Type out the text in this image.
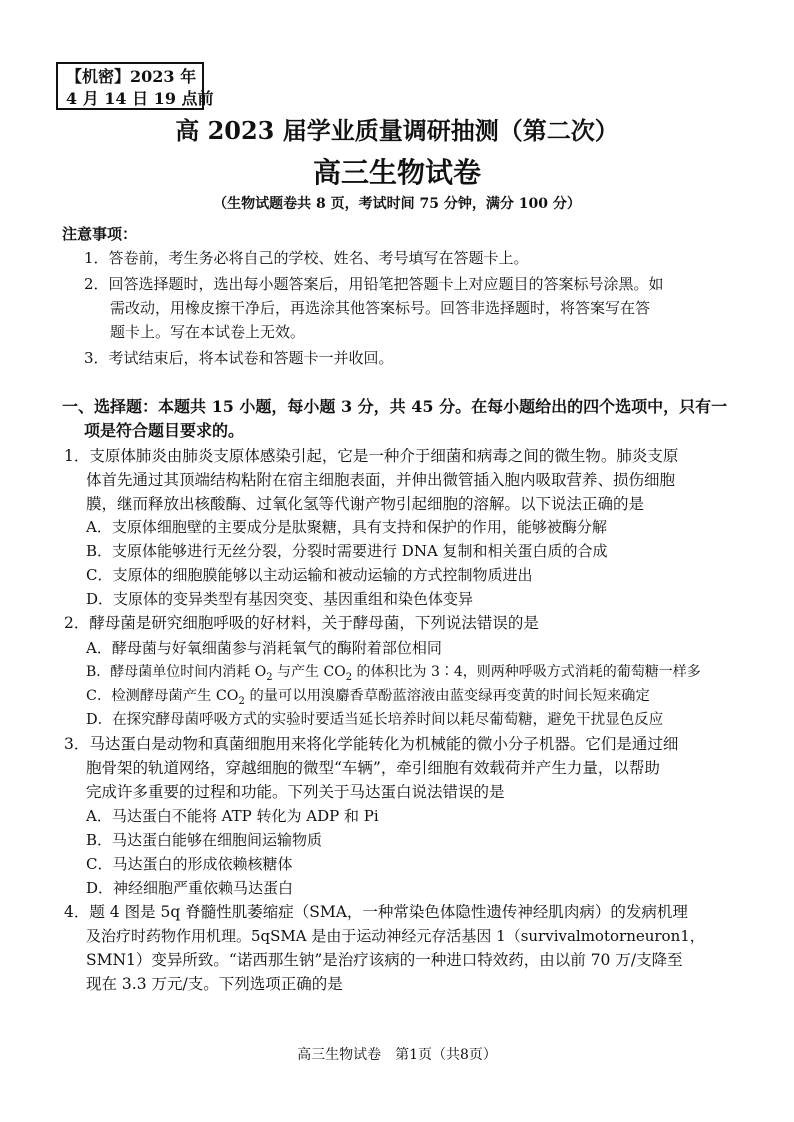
【机密】2023 年
4 月 14 日 19 点前
高 2023 届学业质量调研抽测（第二次）
高三生物试卷
（生物试题卷共 8 页，考试时间 75 分钟，满分 100 分）
注意事项：
1．答卷前，考生务必将自己的学校、姓名、考号填写在答题卡上。
2．回答选择题时，选出每小题答案后，用铅笔把答题卡上对应题目的答案标号涂黑。如
需改动，用橡皮擦干净后，再选涂其他答案标号。回答非选择题时，将答案写在答
题卡上。写在本试卷上无效。
3．考试结束后，将本试卷和答题卡一并收回。
一、选择题：本题共 15 小题，每小题 3 分，共 45 分。在每小题给出的四个选项中，只有一
项是符合题目要求的。
1．支原体肺炎由肺炎支原体感染引起，它是一种介于细菌和病毒之间的微生物。肺炎支原
体首先通过其顶端结构粘附在宿主细胞表面，并伸出微管插入胞内吸取营养、损伤细胞
膜，继而释放出核酸酶、过氧化氢等代谢产物引起细胞的溶解。以下说法正确的是
A．支原体细胞壁的主要成分是肽聚糖，具有支持和保护的作用，能够被酶分解
B．支原体能够进行无丝分裂，分裂时需要进行 DNA 复制和相关蛋白质的合成
C．支原体的细胞膜能够以主动运输和被动运输的方式控制物质进出
D．支原体的变异类型有基因突变、基因重组和染色体变异
2．酵母菌是研究细胞呼吸的好材料，关于酵母菌，下列说法错误的是
A．酵母菌与好氧细菌参与消耗氧气的酶附着部位相同
B．酵母菌单位时间内消耗 $O_2$ 与产生 $CO_2$ 的体积比为 3∶4，则两种呼吸方式消耗的葡萄糖一样多
C．检测酵母菌产生 $CO_2$ 的量可以用溴麝香草酚蓝溶液由蓝变绿再变黄的时间长短来确定
D．在探究酵母菌呼吸方式的实验时要适当延长培养时间以耗尽葡萄糖，避免干扰显色反应
3．马达蛋白是动物和真菌细胞用来将化学能转化为机械能的微小分子机器。它们是通过细
胞骨架的轨道网络，穿越细胞的微型“车辆”，牵引细胞有效载荷并产生力量，以帮助
完成许多重要的过程和功能。下列关于马达蛋白说法错误的是
A．马达蛋白不能将 ATP 转化为 ADP 和 Pi
B．马达蛋白能够在细胞间运输物质
C．马达蛋白的形成依赖核糖体
D．神经细胞严重依赖马达蛋白
4．题 4 图是 5q 脊髓性肌萎缩症（SMA，一种常染色体隐性遗传神经肌肉病）的发病机理
及治疗时药物作用机理。5qSMA 是由于运动神经元存活基因 1（survivalmotorneuron1，
SMN1）变异所致。“诺西那生钠”是治疗该病的一种进口特效药，由以前 70 万/支降至
现在 3.3 万元/支。下列选项正确的是
高三生物试卷　第1页（共8页）
